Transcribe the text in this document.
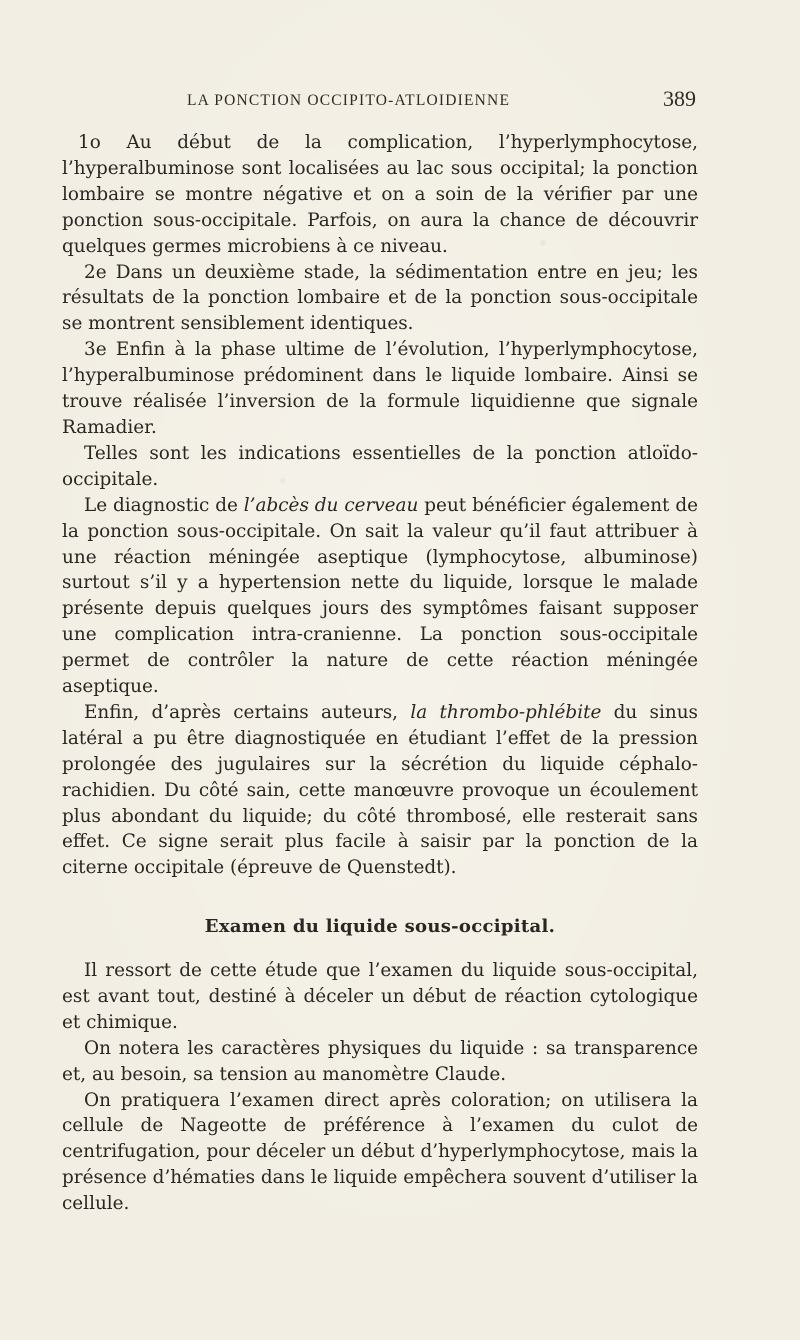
LA PONCTION OCCIPITO-ATLOIDIENNE	389

1o Au début de la complication, l’hyperlymphocytose, l’hyperalbuminose sont localisées au lac sous occipital; la ponction lombaire se montre négative et on a soin de la vérifier par une ponction sous-occipitale. Parfois, on aura la chance de découvrir quelques germes microbiens à ce niveau.

2e Dans un deuxième stade, la sédimentation entre en jeu; les résultats de la ponction lombaire et de la ponction sous-occipitale se montrent sensiblement identiques.

3e Enfin à la phase ultime de l’évolution, l’hyperlymphocytose, l’hyperalbuminose prédominent dans le liquide lombaire. Ainsi se trouve réalisée l’inversion de la formule liquidienne que signale Ramadier.

Telles sont les indications essentielles de la ponction atloïdo-occipitale.

Le diagnostic de l’abcès du cerveau peut bénéficier également de la ponction sous-occipitale. On sait la valeur qu’il faut attribuer à une réaction méningée aseptique (lymphocytose, albuminose) surtout s’il y a hypertension nette du liquide, lorsque le malade présente depuis quelques jours des symptômes faisant supposer une complication intra-cranienne. La ponction sous-occipitale permet de contrôler la nature de cette réaction méningée aseptique.

Enfin, d’après certains auteurs, la thrombo-phlébite du sinus latéral a pu être diagnostiquée en étudiant l’effet de la pression prolongée des jugulaires sur la sécrétion du liquide céphalo-rachidien. Du côté sain, cette manœuvre provoque un écoulement plus abondant du liquide; du côté thrombosé, elle resterait sans effet. Ce signe serait plus facile à saisir par la ponction de la citerne occipitale (épreuve de Quenstedt).

Examen du liquide sous-occipital.

Il ressort de cette étude que l’examen du liquide sous-occipital, est avant tout, destiné à déceler un début de réaction cytologique et chimique.

On notera les caractères physiques du liquide : sa transparence et, au besoin, sa tension au manomètre Claude.

On pratiquera l’examen direct après coloration; on utilisera la cellule de Nageotte de préférence à l’examen du culot de centrifugation, pour déceler un début d’hyperlymphocytose, mais la présence d’hématies dans le liquide empêchera souvent d’utiliser la cellule.
